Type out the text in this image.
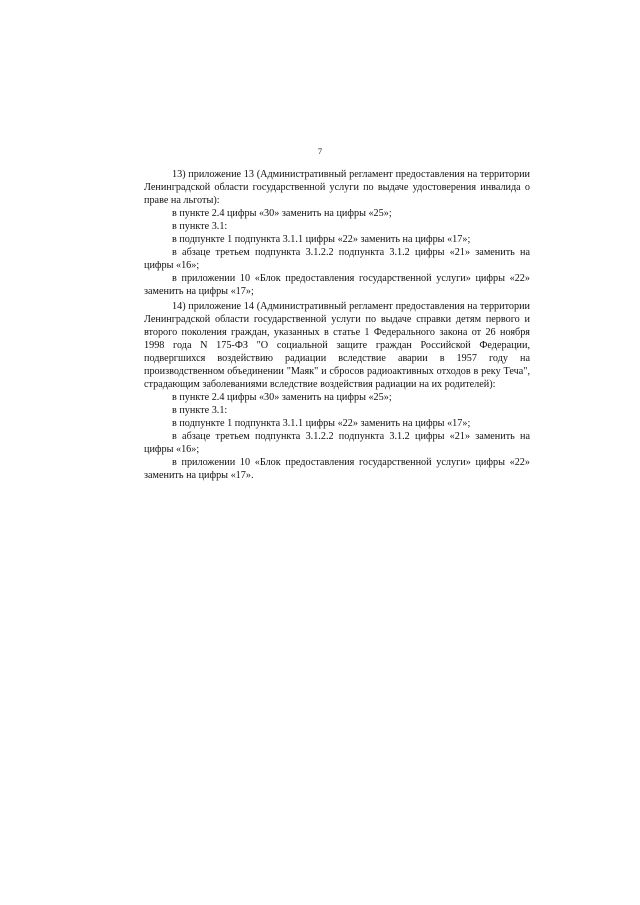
7

13) приложение 13 (Административный регламент предоставления на территории Ленинградской области государственной услуги по выдаче удостоверения инвалида о праве на льготы):

в пункте 2.4 цифры «30» заменить на цифры «25»;

в пункте 3.1:

в подпункте 1 подпункта 3.1.1 цифры «22» заменить на цифры «17»;

в абзаце третьем подпункта 3.1.2.2 подпункта 3.1.2 цифры «21» заменить на цифры «16»;

в приложении 10 «Блок предоставления государственной услуги» цифры «22» заменить на цифры «17»;

14) приложение 14 (Административный регламент предоставления на территории Ленинградской области государственной услуги по выдаче справки детям первого и второго поколения граждан, указанных в статье 1 Федерального закона от 26 ноября 1998 года N 175-ФЗ "О социальной защите граждан Российской Федерации, подвергшихся воздействию радиации вследствие аварии в 1957 году на производственном объединении "Маяк" и сбросов радиоактивных отходов в реку Теча", страдающим заболеваниями вследствие воздействия радиации на их родителей):

в пункте 2.4 цифры «30» заменить на цифры «25»;

в пункте 3.1:

в подпункте 1 подпункта 3.1.1 цифры «22» заменить на цифры «17»;

в абзаце третьем подпункта 3.1.2.2 подпункта 3.1.2 цифры «21» заменить на цифры «16»;

в приложении 10 «Блок предоставления государственной услуги» цифры «22» заменить на цифры «17».
